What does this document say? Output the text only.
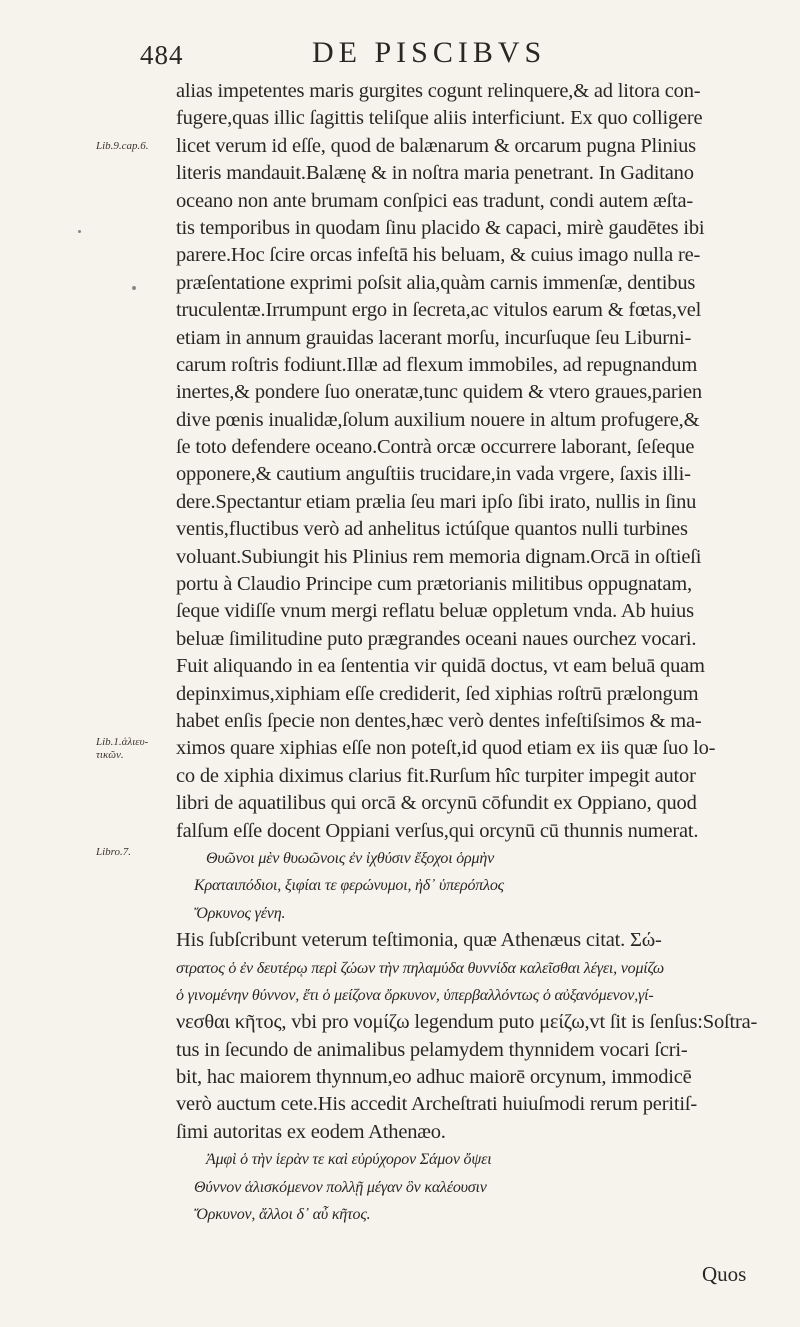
484	DE PISCIBVS
Lib.9.cap.6.
Lib.1.ἁλιευ- τικῶν.
Libro.7.
alias impetentes maris gurgites cogunt relinquere,& ad litora con-
fugere,quas illic ſagittis teliſque aliis interficiunt. Ex quo colligere
licet verum id eſſe, quod de balænarum & orcarum pugna Plinius
literis mandauit.Balænę & in noſtra maria penetrant. In Gaditano
oceano non ante brumam conſpici eas tradunt, condi autem æſta-
tis temporibus in quodam ſinu placido & capaci, mirè gaudētes ibi
parere.Hoc ſcire orcas infeſtā his beluam, & cuius imago nulla re-
præſentatione exprimi poſsit alia,quàm carnis immenſæ, dentibus
truculentæ.Irrumpunt ergo in ſecreta,ac vitulos earum & fœtas,vel
etiam in annum grauidas lacerant morſu, incurſuque ſeu Liburni-
carum roſtris fodiunt.Illæ ad flexum immobiles, ad repugnandum
inertes,& pondere ſuo oneratæ,tunc quidem & vtero graues,parien
dive pœnis inualidæ,ſolum auxilium nouere in altum profugere,&
ſe toto defendere oceano.Contrà orcæ occurrere laborant, ſeſeque
opponere,& cautium anguſtiis trucidare,in vada vrgere, ſaxis illi-
dere.Spectantur etiam prælia ſeu mari ipſo ſibi irato, nullis in ſinu
ventis,fluctibus verò ad anhelitus ictúſque quantos nulli turbines
voluant.Subiungit his Plinius rem memoria dignam.Orcā in oſtieſi
portu à Claudio Principe cum prætorianis militibus oppugnatam,
ſeque vidiſſe vnum mergi reflatu beluæ oppletum vnda. Ab huius
beluæ ſimilitudine puto prægrandes oceani naues ourchez vocari.
Fuit aliquando in ea ſententia vir quidā doctus, vt eam beluā quam
depinximus,xiphiam eſſe crediderit, ſed xiphias roſtrū prælongum
habet enſis ſpecie non dentes,hæc verò dentes infeſtiſsimos & ma-
ximos quare xiphias eſſe non poteſt,id quod etiam ex iis quæ ſuo lo-
co de xiphia diximus clarius fit.Rurſum hîc turpiter impegit autor
libri de aquatilibus qui orcā & orcynū cōfundit ex Oppiano, quod
falſum eſſe docent Oppiani verſus,qui orcynū cū thunnis numerat.
Θυῶνοι μὲν θυωῶνοις ἐν ἰχθύσιν ἔξοχοι ὁρμὴν
Κραταιπόδιοι, ξιφίαι τε φερώνυμοι, ἠδ᾽ ὑπερόπλος
Ὄρκυνος γένη.
His ſubſcribunt veterum teſtimonia, quæ Athenæus citat. Σώ-
στρατος ὁ ἐν δευτέρῳ περὶ ζώων τὴν πηλαμύδα θυννίδα καλεῖσθαι λέγει, νομίζω
ὁ γινομένην θύννον, ἔτι ὁ μείζονα ὄρκυνον, ὑπερβαλλόντως ὁ αὐξανόμενον,γί-
νεσθαι κῆτος, vbi pro νομίζω legendum puto μείζω,vt ſit is ſenſus:Soſtra-
tus in ſecundo de animalibus pelamydem thynnidem vocari ſcri-
bit, hac maiorem thynnum,eo adhuc maiorē orcynum, immodicē
verò auctum cete.His accedit Archeſtrati huiuſmodi rerum peritiſ-
ſimi autoritas ex eodem Athenæo.
Ἀμφὶ ὁ τὴν ἱερὰν τε καὶ εὐρύχορον Σάμον ὄψει
Θύννον ἁλισκόμενον πολλῇ μέγαν ὃν καλέουσιν
Ὄρκυνον, ἄλλοι δ᾽ αὖ κῆτος.
Quos
